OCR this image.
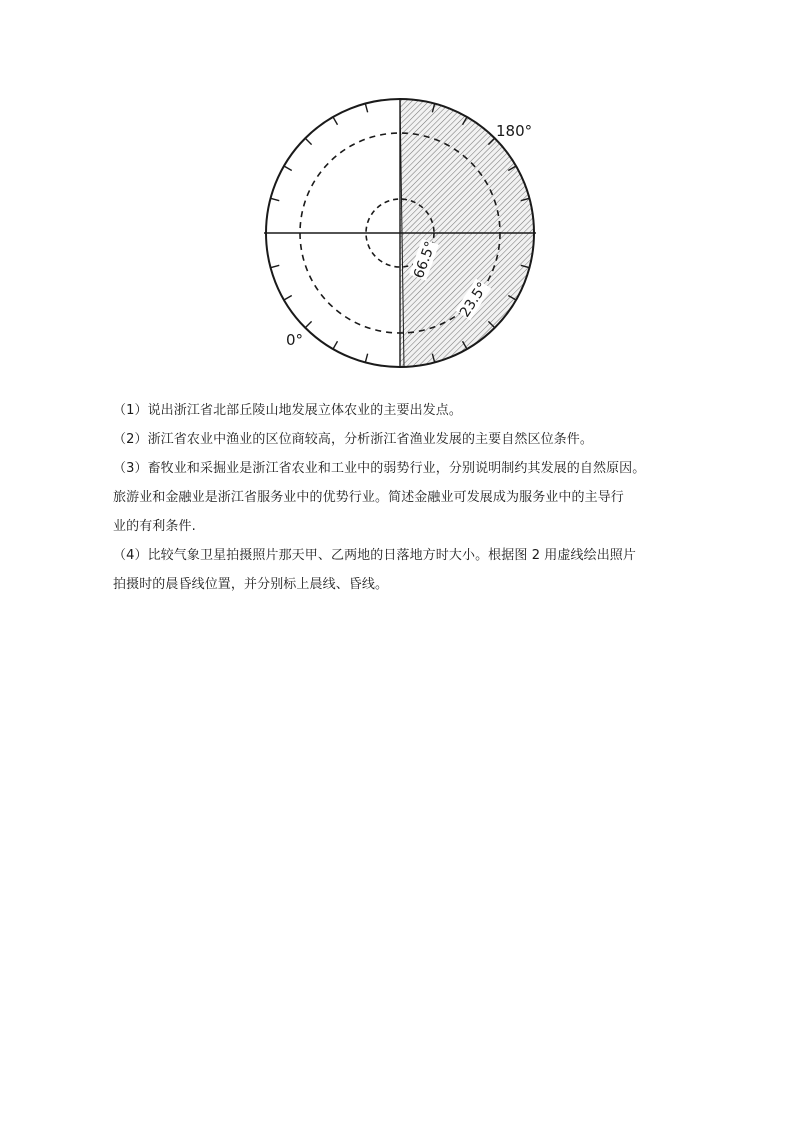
180°
0°
66.5°
23.5°

（1）说出浙江省北部丘陵山地发展立体农业的主要出发点。

（2）浙江省农业中渔业的区位商较高，分析浙江省渔业发展的主要自然区位条件。

（3）畜牧业和采掘业是浙江省农业和工业中的弱势行业，分别说明制约其发展的自然原因。

旅游业和金融业是浙江省服务业中的优势行业。简述金融业可发展成为服务业中的主导行

业的有利条件.

（4）比较气象卫星拍摄照片那天甲、乙两地的日落地方时大小。根据图 2 用虚线绘出照片

拍摄时的晨昏线位置，并分别标上晨线、昏线。
